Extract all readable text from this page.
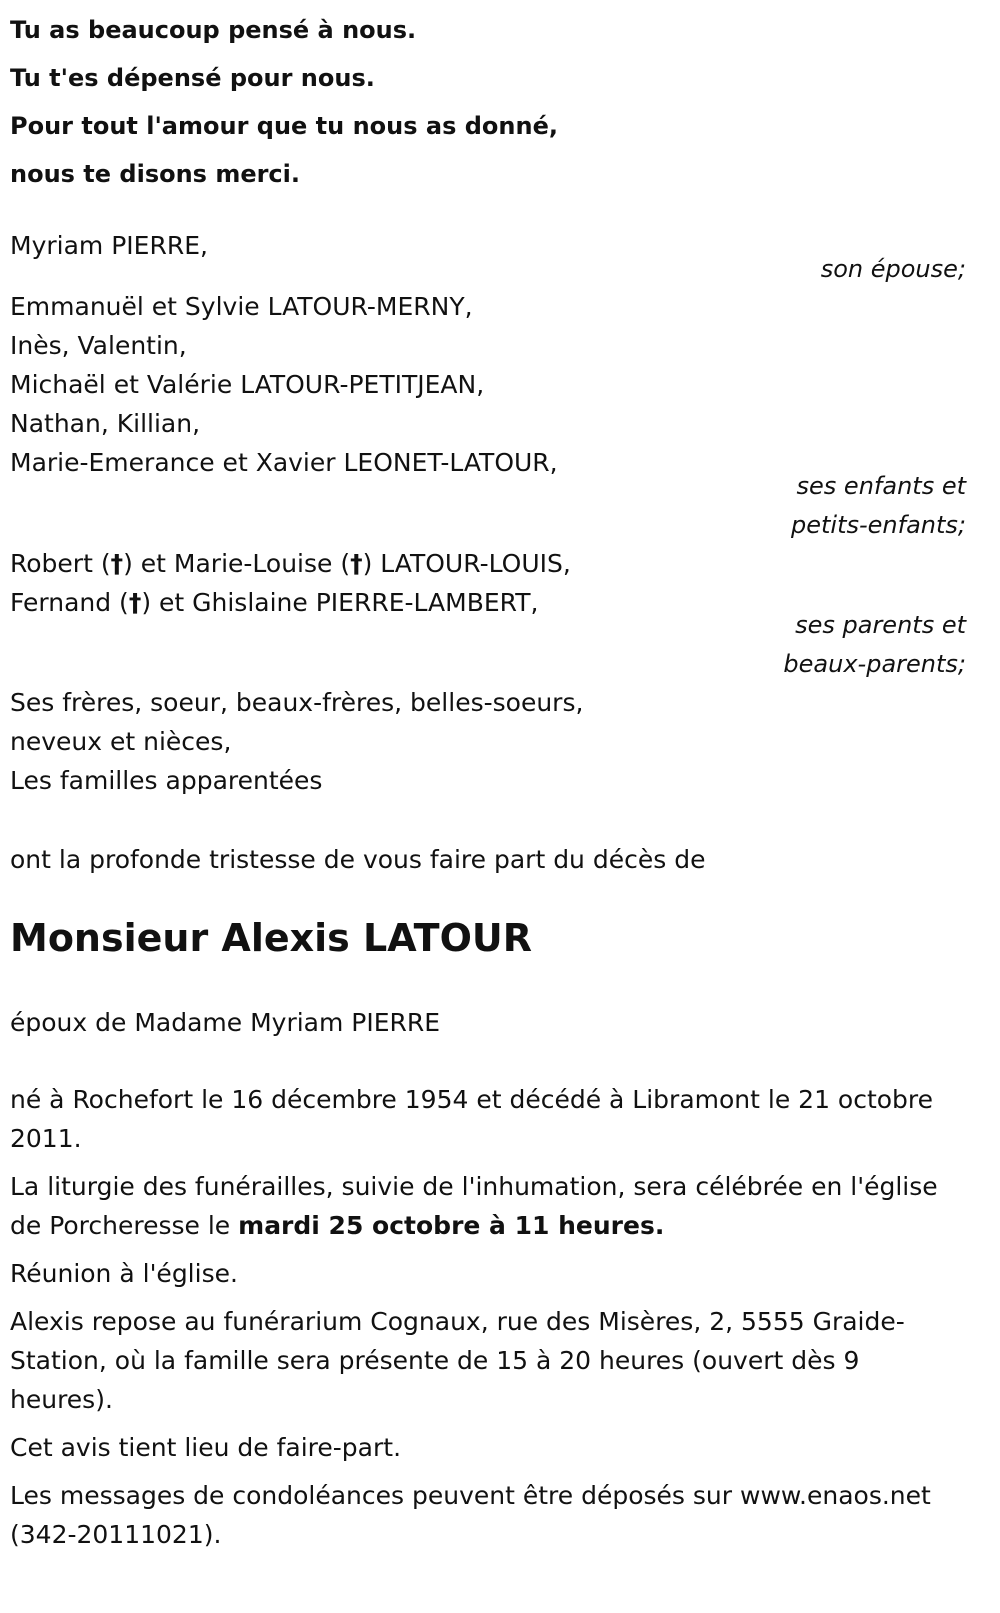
Tu as beaucoup pensé à nous.
Tu t'es dépensé pour nous.
Pour tout l'amour que tu nous as donné,
nous te disons merci.
Myriam PIERRE,
son épouse;
Emmanuël et Sylvie LATOUR-MERNY,
Inès, Valentin,
Michaël et Valérie LATOUR-PETITJEAN,
Nathan, Killian,
Marie-Emerance et Xavier LEONET-LATOUR,
ses enfants et
petits-enfants;
Robert (†) et Marie-Louise (†) LATOUR-LOUIS,
Fernand (†) et Ghislaine PIERRE-LAMBERT,
ses parents et
beaux-parents;
Ses frères, soeur, beaux-frères, belles-soeurs,
neveux et nièces,
Les familles apparentées
ont la profonde tristesse de vous faire part du décès de
Monsieur Alexis LATOUR
époux de Madame Myriam PIERRE

né à Rochefort le 16 décembre 1954 et décédé à Libramont le 21 octobre 2011.

La liturgie des funérailles, suivie de l'inhumation, sera célébrée en l'église de Porcheresse le mardi 25 octobre à 11 heures.

Réunion à l'église.

Alexis repose au funérarium Cognaux, rue des Misères, 2, 5555 Graide-Station, où la famille sera présente de 15 à 20 heures (ouvert dès 9 heures).

Cet avis tient lieu de faire-part.

Les messages de condoléances peuvent être déposés sur www.enaos.net (342-20111021).
